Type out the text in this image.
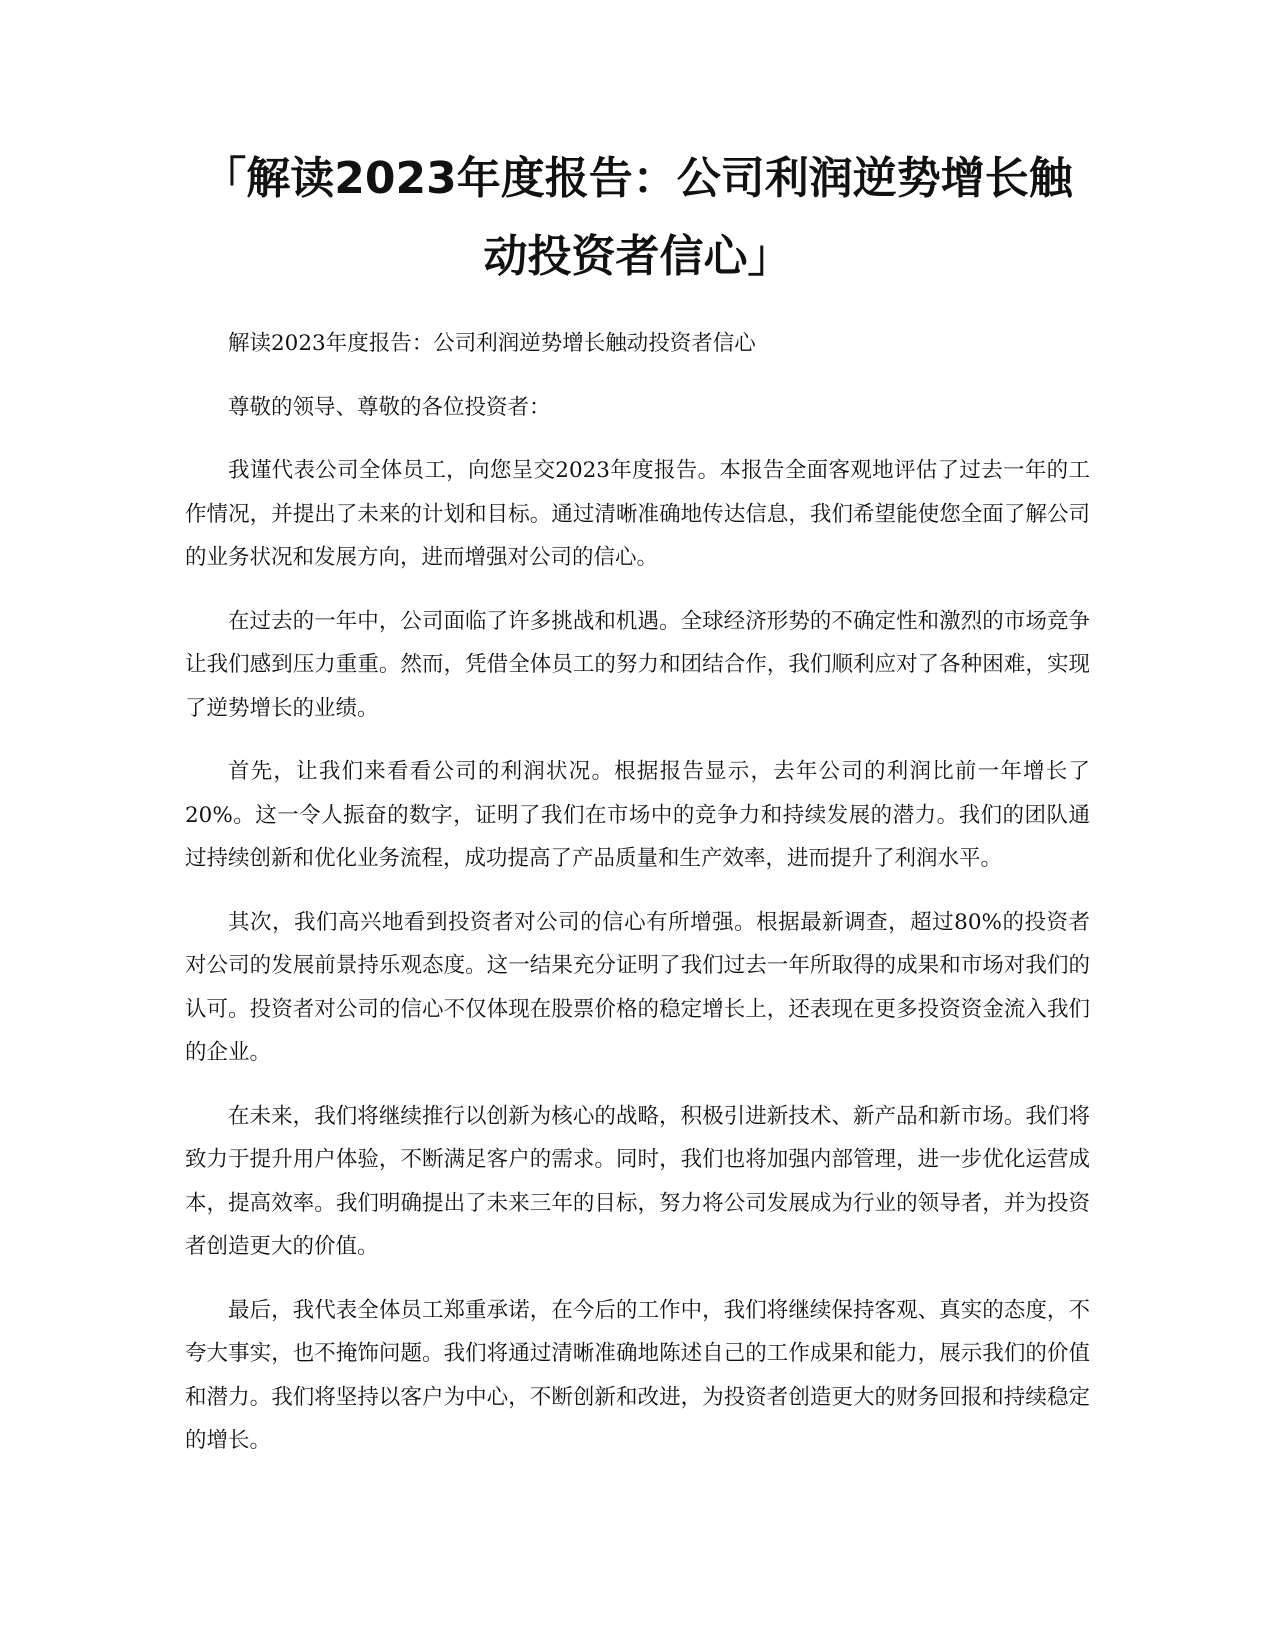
「解读2023年度报告：公司利润逆势增长触动投资者信心」

解读2023年度报告：公司利润逆势增长触动投资者信心

尊敬的领导、尊敬的各位投资者：

我谨代表公司全体员工，向您呈交2023年度报告。本报告全面客观地评估了过去一年的工作情况，并提出了未来的计划和目标。通过清晰准确地传达信息，我们希望能使您全面了解公司的业务状况和发展方向，进而增强对公司的信心。

在过去的一年中，公司面临了许多挑战和机遇。全球经济形势的不确定性和激烈的市场竞争让我们感到压力重重。然而，凭借全体员工的努力和团结合作，我们顺利应对了各种困难，实现了逆势增长的业绩。

首先，让我们来看看公司的利润状况。根据报告显示，去年公司的利润比前一年增长了20%。这一令人振奋的数字，证明了我们在市场中的竞争力和持续发展的潜力。我们的团队通过持续创新和优化业务流程，成功提高了产品质量和生产效率，进而提升了利润水平。

其次，我们高兴地看到投资者对公司的信心有所增强。根据最新调查，超过80%的投资者对公司的发展前景持乐观态度。这一结果充分证明了我们过去一年所取得的成果和市场对我们的认可。投资者对公司的信心不仅体现在股票价格的稳定增长上，还表现在更多投资资金流入我们的企业。

在未来，我们将继续推行以创新为核心的战略，积极引进新技术、新产品和新市场。我们将致力于提升用户体验，不断满足客户的需求。同时，我们也将加强内部管理，进一步优化运营成本，提高效率。我们明确提出了未来三年的目标，努力将公司发展成为行业的领导者，并为投资者创造更大的价值。

最后，我代表全体员工郑重承诺，在今后的工作中，我们将继续保持客观、真实的态度，不夸大事实，也不掩饰问题。我们将通过清晰准确地陈述自己的工作成果和能力，展示我们的价值和潜力。我们将坚持以客户为中心，不断创新和改进，为投资者创造更大的财务回报和持续稳定的增长。
